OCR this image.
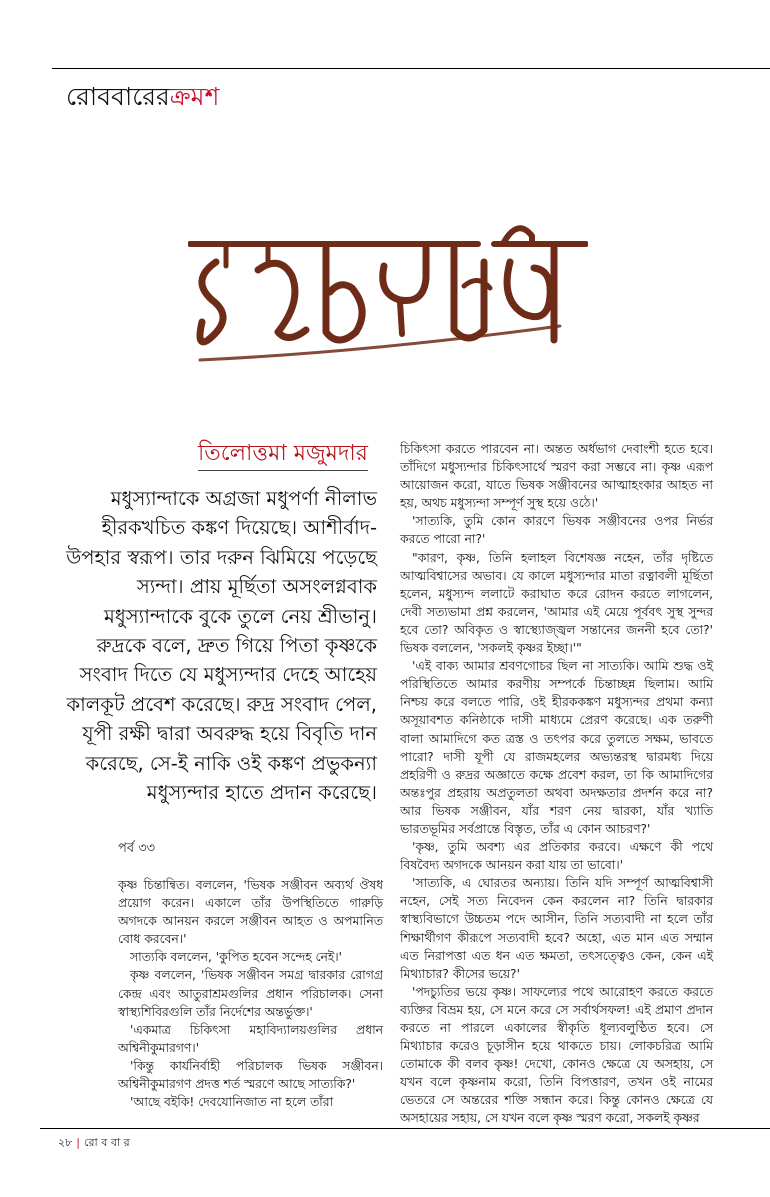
রোববারেরক্রমশ
তিলোত্তমা মজুমদার

মধুস্যান্দাকে অগ্রজা মধুপর্ণা নীলাভ হীরকখচিত কঙ্কণ দিয়েছে। আশীর্বাদ-উপহার স্বরূপ। তার দরুন ঝিমিয়ে পড়েছে স্যন্দা। প্রায় মূর্ছিতা অসংলগ্নবাক মধুস্যান্দাকে বুকে তুলে নেয় শ্রীভানু। রুদ্রকে বলে, দ্রুত গিয়ে পিতা কৃষ্ণকে সংবাদ দিতে যে মধুস্যন্দার দেহে আহেয় কালকূট প্রবেশ করেছে। রুদ্র সংবাদ পেল, যূপী রক্ষী দ্বারা অবরুদ্ধ হয়ে বিবৃতি দান করেছে, সে-ই নাকি ওই কঙ্কণ প্রভুকন্যা মধুস্যন্দার হাতে প্রদান করেছে।

পর্ব ৩৩

কৃষ্ণ চিন্তান্বিত। বললেন, 'ভিষক সঞ্জীবন অব্যর্থ ঔষধ প্রয়োগ করেন। একালে তাঁর উপস্থিতিতে গারুড়ি অগদকে আনয়ন করলে সঞ্জীবন আহত ও অপমানিত বোধ করবেন।'

সাত্যকি বললেন, 'কুপিত হবেন সন্দেহ নেই।'

কৃষ্ণ বললেন, 'ভিষক সঞ্জীবন সমগ্র দ্বারকার রোগগ্র কেন্দ্র এবং আতুরাশ্রমগুলির প্রধান পরিচালক। সেনা স্বাস্থ্যশিবিরগুলি তাঁর নির্দেশের অন্তর্ভুক্ত।'

'একমাত্র চিকিৎসা মহাবিদ্যালয়গুলির প্রধান অশ্বিনীকুমারগণ।'

'কিন্তু কার্যনির্বাহী পরিচালক ভিষক সঞ্জীবন। অশ্বিনীকুমারগণ প্রদত্ত শর্ত স্মরণে আছে সাত্যকি?'

'আছে বইকি! দেবযোনিজাত না হলে তাঁরা

চিকিৎসা করতে পারবেন না। অন্তত অর্ধভাগ দেবাংশী হতে হবে। তাঁদিগে মধুস্যন্দার চিকিৎসার্থে স্মরণ করা সম্ভবে না। কৃষ্ণ এরূপ আয়োজন করো, যাতে ভিষক সঞ্জীবনের আত্মাহংকার আহত না হয়, অথচ মধুস্যন্দা সম্পূর্ণ সুস্থ হয়ে ওঠে।'

'সাত্যকি, তুমি কোন কারণে ভিষক সঞ্জীবনের ওপর নির্ভর করতে পারো না?'

"কারণ, কৃষ্ণ, তিনি হলাহল বিশেষজ্ঞ নহেন, তাঁর দৃষ্টিতে আত্মবিশ্বাসের অভাব। যে কালে মধুস্যন্দার মাতা রত্নাবলী মূর্ছিতা হলেন, মধুস্যন্দ ললাটে করাঘাত করে রোদন করতে লাগলেন, দেবী সত্যভামা প্রশ্ন করলেন, 'আমার এই মেয়ে পূর্ববৎ সুস্থ সুন্দর হবে তো? অবিকৃত ও স্বাস্থ্যোজ্জ্বল সন্তানের জননী হবে তো?' ভিষক বললেন, 'সকলই কৃষ্ণর ইচ্ছা।'"

'এই বাক্য আমার শ্রবণগোচর ছিল না সাত্যকি। আমি শুদ্ধ ওই পরিস্থিতিতে আমার করণীয় সম্পর্কে চিন্তাচ্ছন্ন ছিলাম। আমি নিশ্চয় করে বলতে পারি, ওই হীরককঙ্কণ মধুস্যন্দর প্রথমা কন্যা অসূয়াবশত কনিষ্ঠাকে দাসী মাধ্যমে প্রেরণ করেছে। এক তরুণী বালা আমাদিগে কত ত্রস্ত ও তৎপর করে তুলতে সক্ষম, ভাবতে পারো? দাসী যূপী যে রাজমহলের অভ্যন্তরস্থ দ্বারমধ্য দিয়ে প্রহরিণী ও রুদ্রর অজ্ঞাতে কক্ষে প্রবেশ করল, তা কি আমাদিগের অন্তঃপুর প্রহরায় অপ্রতুলতা অথবা অদক্ষতার প্রদর্শন করে না? আর ভিষক সঞ্জীবন, যাঁর শরণ নেয় দ্বারকা, যাঁর খ্যাতি ভারতভূমির সর্বপ্রান্তে বিস্তৃত, তাঁর এ কোন আচরণ?'

'কৃষ্ণ, তুমি অবশ্য এর প্রতিকার করবে। এক্ষণে কী পথে বিষবৈদ্য অগদকে আনয়ন করা যায় তা ভাবো।'

'সাত্যকি, এ ঘোরতর অন্যায়। তিনি যদি সম্পূর্ণ আত্মবিশ্বাসী নহেন, সেই সত্য নিবেদন কেন করলেন না? তিনি দ্বারকার স্বাস্থ্যবিভাগে উচ্চতম পদে আসীন, তিনি সত্যবাদী না হলে তাঁর শিক্ষার্থীগণ কীরূপে সত্যবাদী হবে? অহো, এত মান এত সম্মান এত নিরাপত্তা এত ধন এত ক্ষমতা, তৎসত্ত্বেও কেন, কেন এই মিথ্যাচার? কীসের ভয়ে?'

'পদচ্যুতির ভয়ে কৃষ্ণ। সাফল্যের পথে আরোহণ করতে করতে ব্যক্তির বিভ্রম হয়, সে মনে করে সে সর্বার্থসফল! এই প্রমাণ প্রদান করতে না পারলে একালের স্বীকৃতি ধূল্যবলুণ্ঠিত হবে। সে মিথ্যাচার করেও চূড়াসীন হয়ে থাকতে চায়। লোকচরিত্র আমি তোমাকে কী বলব কৃষ্ণ! দেখো, কোনও ক্ষেত্রে যে অসহায়, সে যখন বলে কৃষ্ণনাম করো, তিনি বিপত্তারণ, তখন ওই নামের ভেতরে সে অন্তরের শক্তি সন্ধান করে। কিন্তু কোনও ক্ষেত্রে যে অসহায়ের সহায়, সে যখন বলে কৃষ্ণ স্মরণ করো, সকলই কৃষ্ণর

২৮ | রো ব বা র
